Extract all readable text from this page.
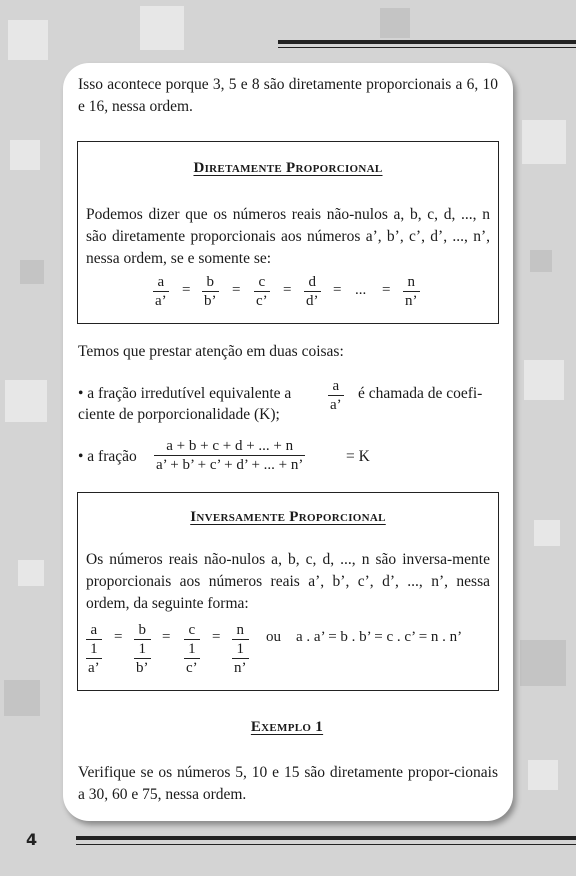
4
Isso acontece porque 3, 5 e 8 são diretamente proporcionais a 6, 10 e 16, nessa ordem.
Diretamente Proporcional
Podemos dizer que os números reais não-nulos a, b, c, d, ..., n são diretamente proporcionais aos números a’, b’, c’, d’, ..., n’, nessa ordem, se e somente se:
$\frac{a}{a’} = \frac{b}{b’} = \frac{c}{c’} = \frac{d}{d’}$ = ... = $\frac{n}{n’}$
Temos que prestar atenção em duas coisas:
• a fração irredutível equivalente a $\frac{a}{a’}$ é chamada de coefi-
ciente de porporcionalidade (K);
• a fração $\frac{a + b + c + d + ... + n}{a’ + b’ + c’ + d’ + ... + n’}$	= K
Inversamente Proporcional
Os números reais não-nulos a, b, c, d, ..., n são inversa-mente proporcionais aos números reais a’, b’, c’, d’, ..., n’, nessa ordem, da seguinte forma:
a
1
a’
=	b
1
b’
= c
1
c’
=	n
1
n’
ou a . a’ = b . b’ = c . c’ = n . n’
Exemplo 1
Verifique se os números 5, 10 e 15 são diretamente propor-cionais a 30, 60 e 75, nessa ordem.
